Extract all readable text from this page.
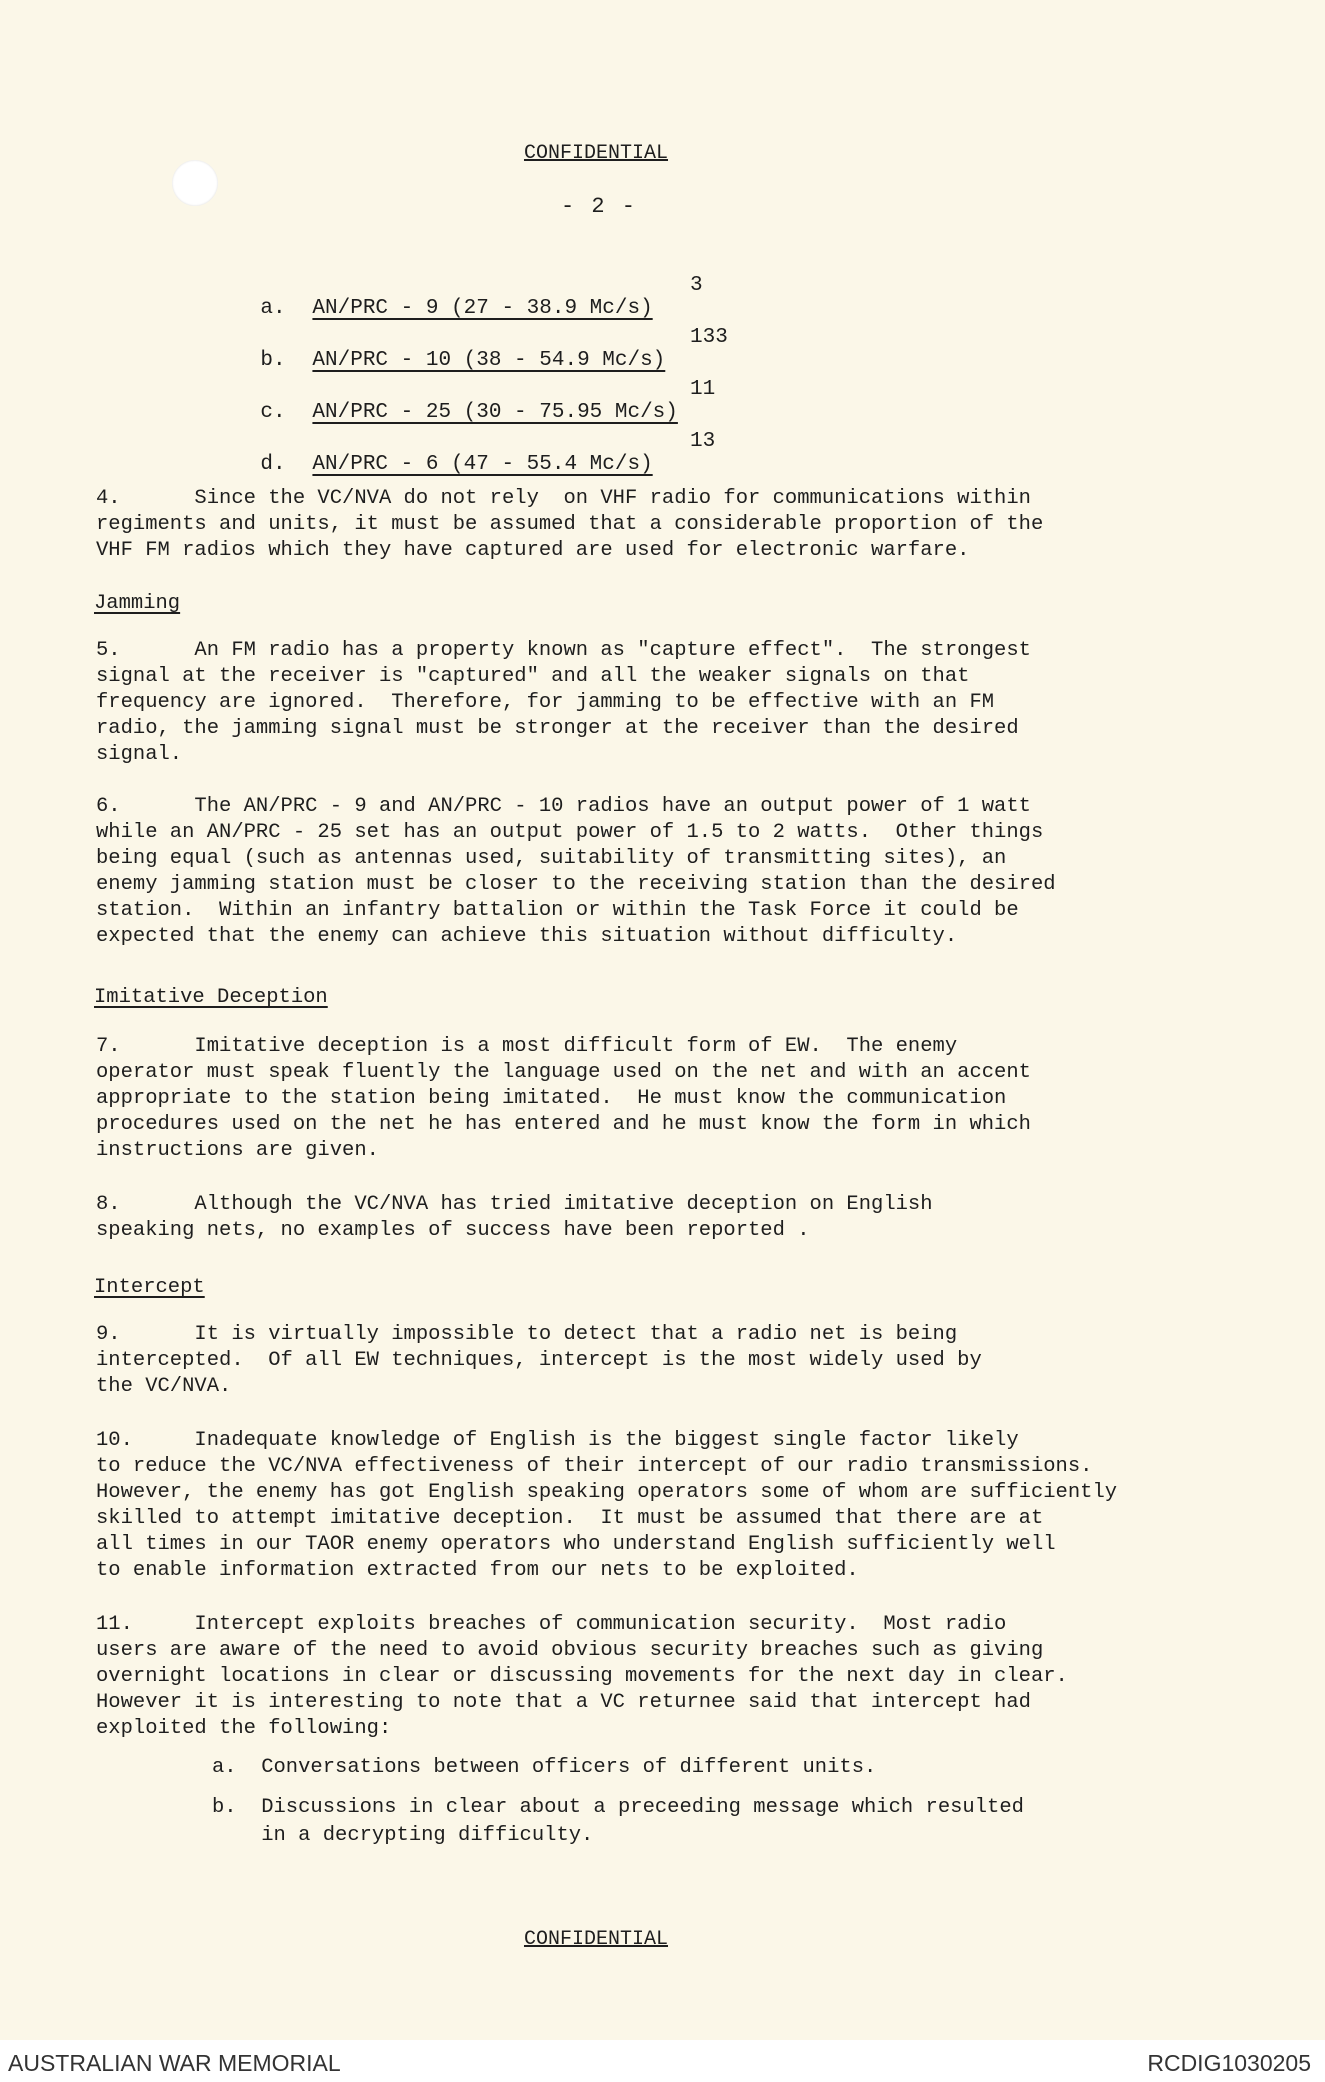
CONFIDENTIAL
- 2 -

a. AN/PRC - 9 (27 - 38.9 Mc/s)
3

b. AN/PRC - 10 (38 - 54.9 Mc/s)
133

c. AN/PRC - 25 (30 - 75.95 Mc/s)
11

d. AN/PRC - 6 (47 - 55.4 Mc/s)
13

4.      Since the VC/NVA do not rely  on VHF radio for communications within
regiments and units, it must be assumed that a considerable proportion of the
VHF FM radios which they have captured are used for electronic warfare.

Jamming

5.      An FM radio has a property known as "capture effect".  The strongest
signal at the receiver is "captured" and all the weaker signals on that
frequency are ignored.  Therefore, for jamming to be effective with an FM
radio, the jamming signal must be stronger at the receiver than the desired
signal.

6.      The AN/PRC - 9 and AN/PRC - 10 radios have an output power of 1 watt
while an AN/PRC - 25 set has an output power of 1.5 to 2 watts.  Other things
being equal (such as antennas used, suitability of transmitting sites), an
enemy jamming station must be closer to the receiving station than the desired
station.  Within an infantry battalion or within the Task Force it could be
expected that the enemy can achieve this situation without difficulty.

Imitative Deception

7.      Imitative deception is a most difficult form of EW.  The enemy
operator must speak fluently the language used on the net and with an accent
appropriate to the station being imitated.  He must know the communication
procedures used on the net he has entered and he must know the form in which
instructions are given.

8.      Although the VC/NVA has tried imitative deception on English
speaking nets, no examples of success have been reported .

Intercept

9.      It is virtually impossible to detect that a radio net is being
intercepted.  Of all EW techniques, intercept is the most widely used by
the VC/NVA.

10.     Inadequate knowledge of English is the biggest single factor likely
to reduce the VC/NVA effectiveness of their intercept of our radio transmissions.
However, the enemy has got English speaking operators some of whom are sufficiently
skilled to attempt imitative deception.  It must be assumed that there are at
all times in our TAOR enemy operators who understand English sufficiently well
to enable information extracted from our nets to be exploited.

11.     Intercept exploits breaches of communication security.  Most radio
users are aware of the need to avoid obvious security breaches such as giving
overnight locations in clear or discussing movements for the next day in clear.
However it is interesting to note that a VC returnee said that intercept had
exploited the following:

a.  Conversations between officers of different units.

b.  Discussions in clear about a preceeding message which resulted
in a decrypting difficulty.

CONFIDENTIAL
AUSTRALIAN WAR MEMORIAL	RCDIG1030205
